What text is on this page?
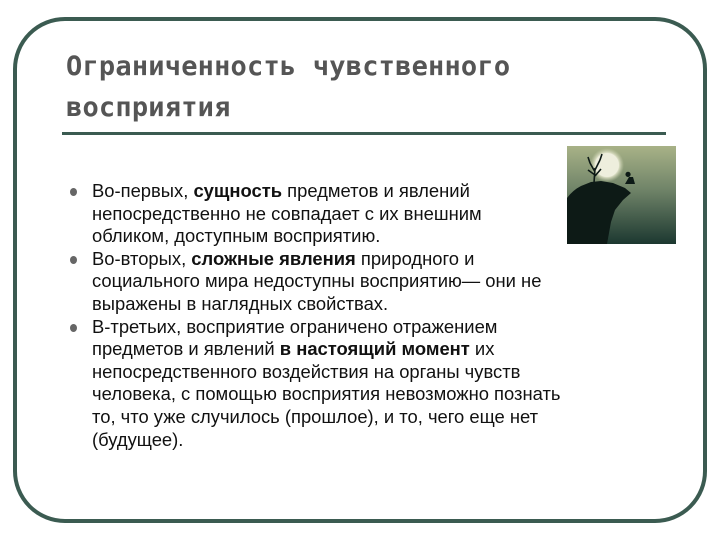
Ограниченность чувственного
восприятия
Во-первых, сущность предметов и явлений
непосредственно не совпадает с их внешним
обликом, доступным восприятию.
Во-вторых, сложные явления природного и
социального мира недоступны восприятию— они не
выражены в наглядных свойствах.
В-третьих, восприятие ограничено отражением
предметов и явлений в настоящий момент их
непосредственного воздействия на органы чувств
человека, с помощью восприятия невозможно познать
то, что уже случилось (прошлое), и то, чего еще нет
(будущее).
